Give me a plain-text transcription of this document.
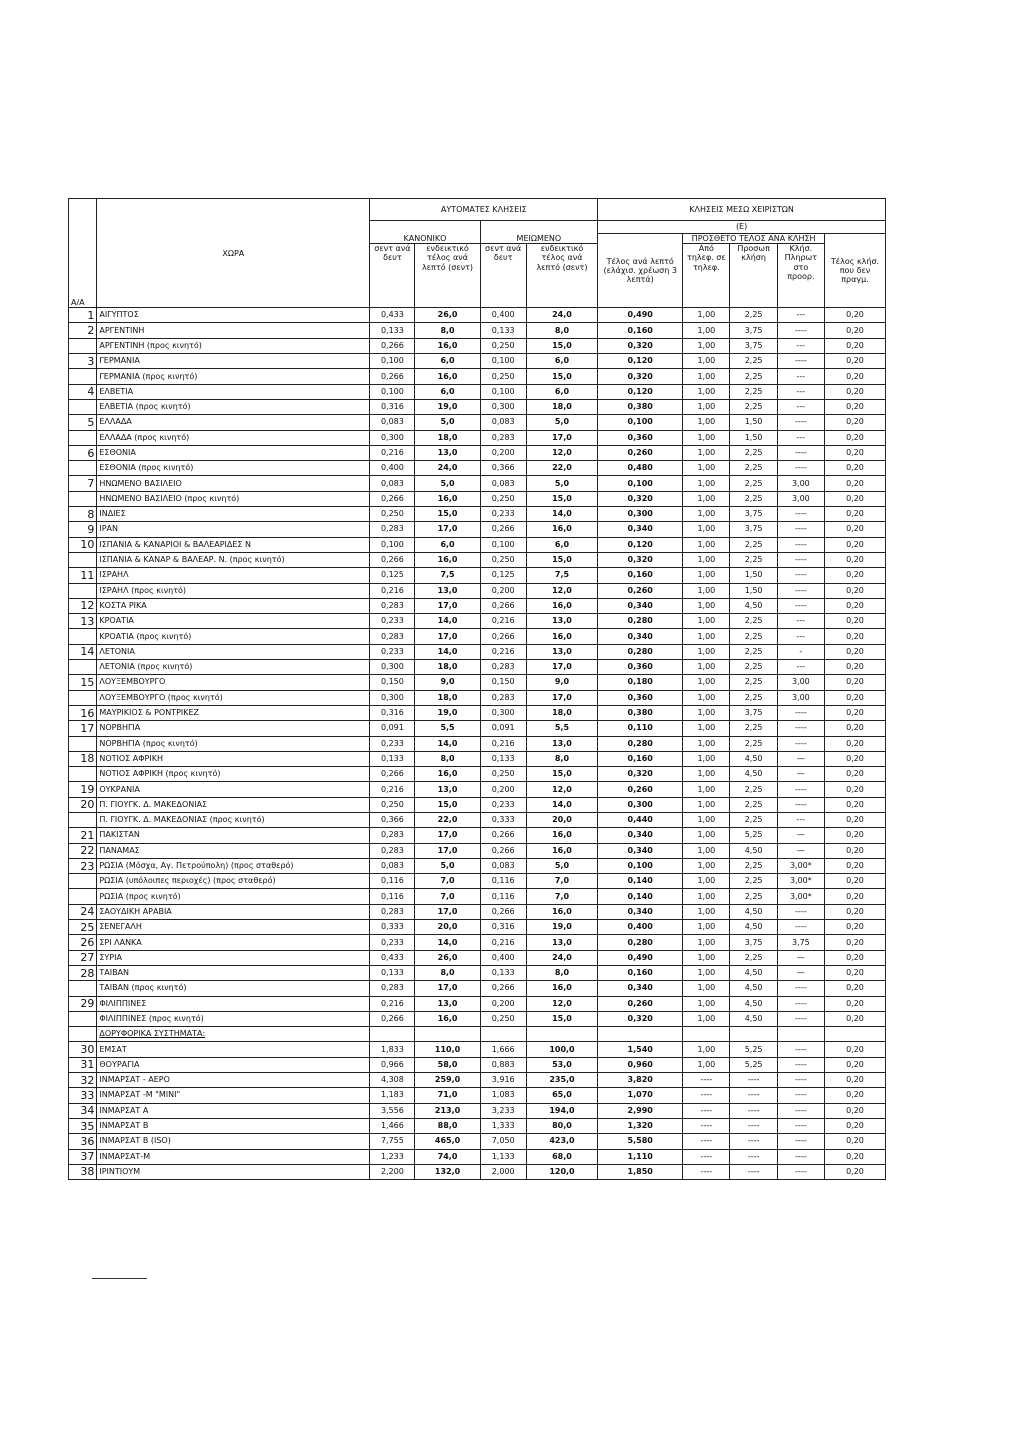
Α/Α	ΧΩΡΑ	ΑΥΤΟΜΑΤΕΣ ΚΛΗΣΕΙΣ				ΚΛΗΣΕΙΣ ΜΕΣΩ ΧΕΙΡΙΣΤΩΝ				
		ΚΑΝΟΝΙΚΟ		ΜΕΙΩΜΕΝΟ		(Ε)				
						Τέλος ανά λεπτό (ελάχισ. χρέωση 3 λεπτά)	ΠΡΟΣΘΕΤΟ ΤΕΛΟΣ ΑΝΑ ΚΛΗΣΗ			Τέλος κλήσ. που δεν πραγμ.
		σεντ ανά δευτ	ενδεικτικό τέλος ανά λεπτό (σεντ)	σεντ ανά δευτ	ενδεικτικό τέλος ανά λεπτό (σεντ)		Από τηλεφ. σε τηλεφ.	Προσωπ κλήση	Κλήσ. Πληρωτ στο προορ.	
1	ΑΙΓΥΠΤΟΣ	0,433	26,0	0,400	24,0	0,490	1,00	2,25	---	0,20
2	ΑΡΓΕΝΤΙΝΗ	0,133	8,0	0,133	8,0	0,160	1,00	3,75	----	0,20
	ΑΡΓΕΝΤΙΝΗ (προς κινητό)	0,266	16,0	0,250	15,0	0,320	1,00	3,75	---	0,20
3	ΓΕΡΜΑΝΙΑ	0,100	6,0	0,100	6,0	0,120	1,00	2,25	----	0,20
	ΓΕΡΜΑΝΙΑ (προς κινητό)	0,266	16,0	0,250	15,0	0,320	1,00	2,25	---	0,20
4	ΕΛΒΕΤΙΑ	0,100	6,0	0,100	6,0	0,120	1,00	2,25	---	0,20
	ΕΛΒΕΤΙΑ (προς κινητό)	0,316	19,0	0,300	18,0	0,380	1,00	2,25	---	0,20
5	ΕΛΛΑΔΑ	0,083	5,0	0,083	5,0	0,100	1,00	1,50	----	0,20
	ΕΛΛΑΔΑ (προς κινητό)	0,300	18,0	0,283	17,0	0,360	1,00	1,50	---	0,20
6	ΕΣΘΟΝΙΑ	0,216	13,0	0,200	12,0	0,260	1,00	2,25	----	0,20
	ΕΣΘΟΝΙΑ (προς κινητό)	0,400	24,0	0,366	22,0	0,480	1,00	2,25	----	0,20
7	ΗΝΩΜΕΝΟ ΒΑΣΙΛΕΙΟ	0,083	5,0	0,083	5,0	0,100	1,00	2,25	3,00	0,20
	ΗΝΩΜΕΝΟ ΒΑΣΙΛΕΙΟ (προς κινητό)	0,266	16,0	0,250	15,0	0,320	1,00	2,25	3,00	0,20
8	ΙΝΔΙΕΣ	0,250	15,0	0,233	14,0	0,300	1,00	3,75	----	0,20
9	ΙΡΑΝ	0,283	17,0	0,266	16,0	0,340	1,00	3,75	----	0,20
10	ΙΣΠΑΝΙΑ & ΚΑΝΑΡΙΟΙ & ΒΑΛΕΑΡΙΔΕΣ Ν	0,100	6,0	0,100	6,0	0,120	1,00	2,25	----	0,20
	ΙΣΠΑΝΙΑ & ΚΑΝΑΡ & ΒΑΛΕΑΡ. Ν. (προς κινητό)	0,266	16,0	0,250	15,0	0,320	1,00	2,25	----	0,20
11	ΙΣΡΑΗΛ	0,125	7,5	0,125	7,5	0,160	1,00	1,50	----	0,20
	ΙΣΡΑΗΛ (προς κινητό)	0,216	13,0	0,200	12,0	0,260	1,00	1,50	----	0,20
12	ΚΟΣΤΑ ΡΙΚΑ	0,283	17,0	0,266	16,0	0,340	1,00	4,50	----	0,20
13	ΚΡΟΑΤΙΑ	0,233	14,0	0,216	13,0	0,280	1,00	2,25	---	0,20
	ΚΡΟΑΤΙΑ (προς κινητό)	0,283	17,0	0,266	16,0	0,340	1,00	2,25	---	0,20
14	ΛΕΤΟΝΙΑ	0,233	14,0	0,216	13,0	0,280	1,00	2,25	-	0,20
	ΛΕΤΟΝΙΑ (προς κινητό)	0,300	18,0	0,283	17,0	0,360	1,00	2,25	---	0,20
15	ΛΟΥΞΕΜΒΟΥΡΓΟ	0,150	9,0	0,150	9,0	0,180	1,00	2,25	3,00	0,20
	ΛΟΥΞΕΜΒΟΥΡΓΟ (προς κινητό)	0,300	18,0	0,283	17,0	0,360	1,00	2,25	3,00	0,20
16	ΜΑΥΡΙΚΙΟΣ & ΡΟΝΤΡΙΚΕΖ	0,316	19,0	0,300	18,0	0,380	1,00	3,75	----	0,20
17	ΝΟΡΒΗΓΙΑ	0,091	5,5	0,091	5,5	0,110	1,00	2,25	----	0,20
	ΝΟΡΒΗΓΙΑ (προς κινητό)	0,233	14,0	0,216	13,0	0,280	1,00	2,25	----	0,20
18	ΝΟΤΙΟΣ ΑΦΡΙΚΗ	0,133	8,0	0,133	8,0	0,160	1,00	4,50	—	0,20
	ΝΟΤΙΟΣ ΑΦΡΙΚΗ (προς κινητό)	0,266	16,0	0,250	15,0	0,320	1,00	4,50	—	0,20
19	ΟΥΚΡΑΝΙΑ	0,216	13,0	0,200	12,0	0,260	1,00	2,25	----	0,20
20	Π. ΓΙΟΥΓΚ. Δ. ΜΑΚΕΔΟΝΙΑΣ	0,250	15,0	0,233	14,0	0,300	1,00	2,25	----	0,20
	Π. ΓΙΟΥΓΚ. Δ. ΜΑΚΕΔΟΝΙΑΣ (προς κινητό)	0,366	22,0	0,333	20,0	0,440	1,00	2,25	---	0,20
21	ΠΑΚΙΣΤΑΝ	0,283	17,0	0,266	16,0	0,340	1,00	5,25	—	0,20
22	ΠΑΝΑΜΑΣ	0,283	17,0	0,266	16,0	0,340	1,00	4,50	—	0,20
23	ΡΩΣΙΑ (Μόσχα, Αγ. Πετρούπολη) (προς σταθερό)	0,083	5,0	0,083	5,0	0,100	1,00	2,25	3,00*	0,20
	ΡΩΣΙΑ (υπόλοιπες περιοχές) (προς σταθερό)	0,116	7,0	0,116	7,0	0,140	1,00	2,25	3,00*	0,20
	ΡΩΣΙΑ (προς κινητό)	0,116	7,0	0,116	7,0	0,140	1,00	2,25	3,00*	0,20
24	ΣΑΟΥΔΙΚΗ ΑΡΑΒΙΑ	0,283	17,0	0,266	16,0	0,340	1,00	4,50	----	0,20
25	ΣΕΝΕΓΑΛΗ	0,333	20,0	0,316	19,0	0,400	1,00	4,50	----	0,20
26	ΣΡΙ ΛΑΝΚΑ	0,233	14,0	0,216	13,0	0,280	1,00	3,75	3,75	0,20
27	ΣΥΡΙΑ	0,433	26,0	0,400	24,0	0,490	1,00	2,25	—	0,20
28	ΤΑΙΒΑΝ	0,133	8,0	0,133	8,0	0,160	1,00	4,50	—	0,20
	ΤΑΙΒΑΝ (προς κινητό)	0,283	17,0	0,266	16,0	0,340	1,00	4,50	----	0,20
29	ΦΙΛΙΠΠΙΝΕΣ	0,216	13,0	0,200	12,0	0,260	1,00	4,50	----	0,20
	ΦΙΛΙΠΠΙΝΕΣ (προς κινητό)	0,266	16,0	0,250	15,0	0,320	1,00	4,50	----	0,20
	ΔΟΡΥΦΟΡΙΚΑ ΣΥΣΤΗΜΑΤΑ:									
30	ΕΜΣΑΤ	1,833	110,0	1,666	100,0	1,540	1,00	5,25	----	0,20
31	ΘΟΥΡΑΓΙΑ	0,966	58,0	0,883	53,0	0,960	1,00	5,25	----	0,20
32	ΙΝΜΑΡΣΑΤ - ΑΕΡΟ	4,308	259,0	3,916	235,0	3,820	----	----	----	0,20
33	ΙΝΜΑΡΣΑΤ -Μ "MINI"	1,183	71,0	1,083	65,0	1,070	----	----	----	0,20
34	ΙΝΜΑΡΣΑΤ Α	3,556	213,0	3,233	194,0	2,990	----	----	----	0,20
35	ΙΝΜΑΡΣΑΤ Β	1,466	88,0	1,333	80,0	1,320	----	----	----	0,20
36	ΙΝΜΑΡΣΑΤ Β (ISO)	7,755	465,0	7,050	423,0	5,580	----	----	----	0,20
37	ΙΝΜΑΡΣΑΤ-Μ	1,233	74,0	1,133	68,0	1,110	----	----	----	0,20
38	ΙΡΙΝΤΙΟΥΜ	2,200	132,0	2,000	120,0	1,850	----	----	----	0,20
